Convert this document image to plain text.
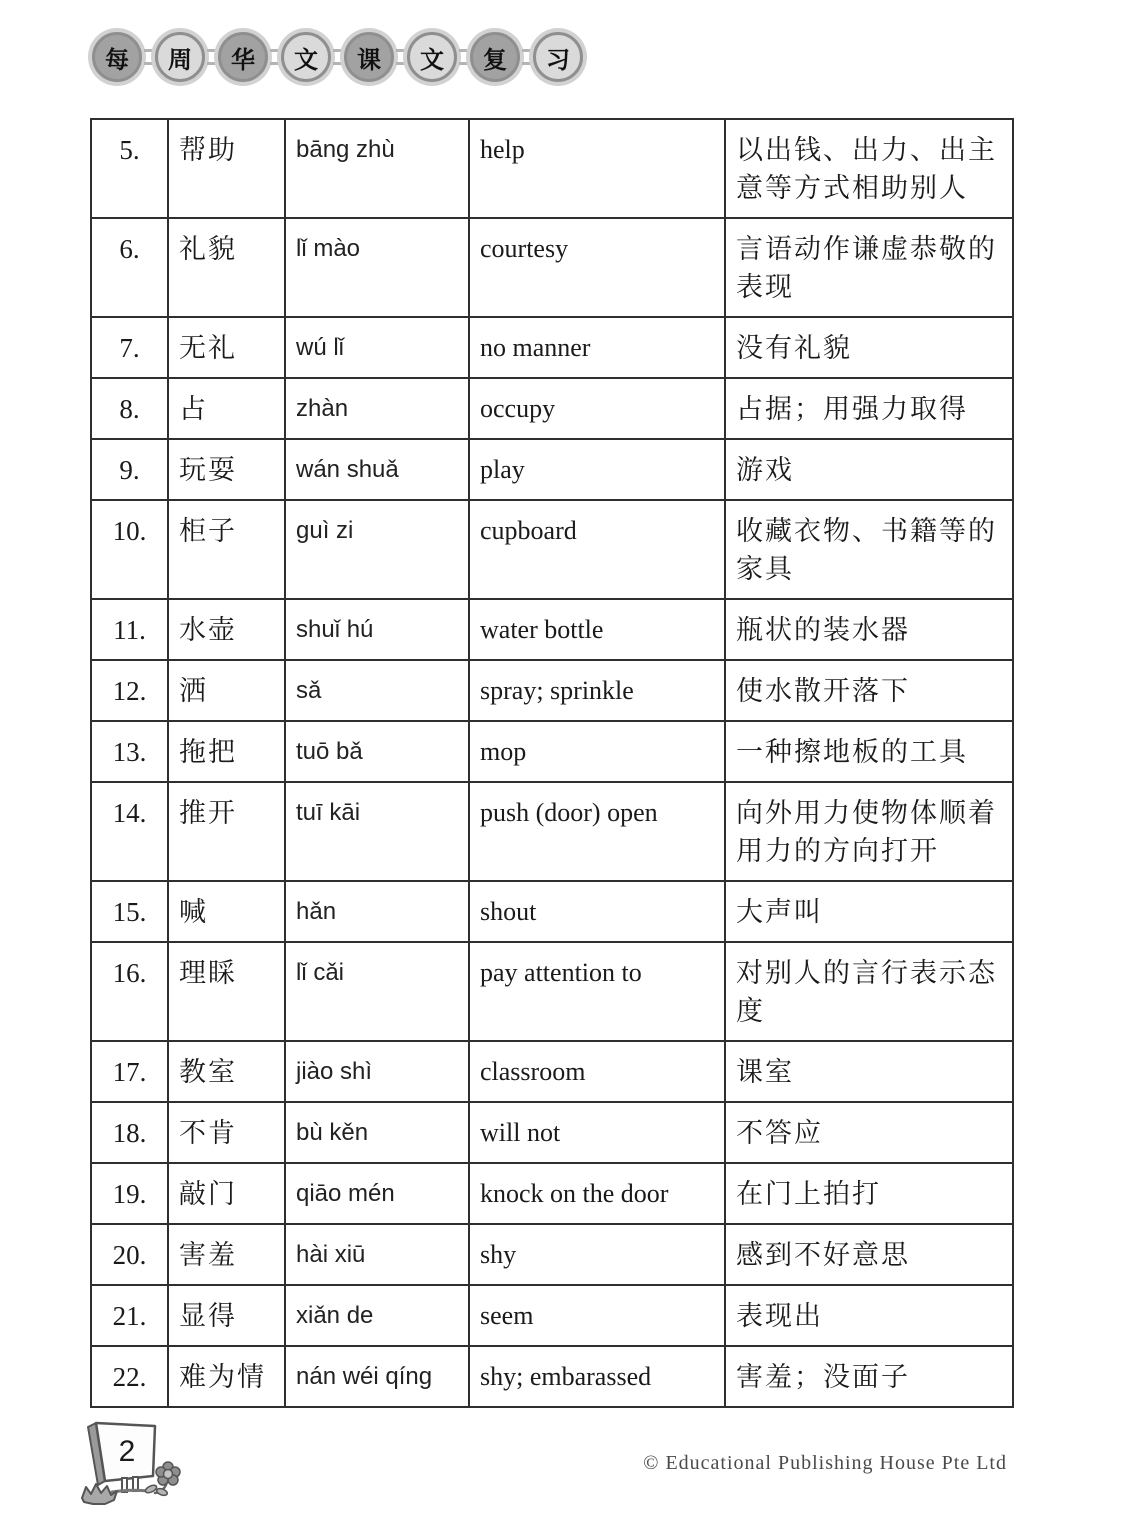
每	周	华	文	课	文	复	习
5.	帮助	bāng zhù	help	以出钱、出力、出主意等方式相助别人
6.	礼貌	lǐ mào	courtesy	言语动作谦虚恭敬的表现
7.	无礼	wú lǐ	no manner	没有礼貌
8.	占	zhàn	occupy	占据；用强力取得
9.	玩耍	wán shuǎ	play	游戏
10.	柜子	guì zi	cupboard	收藏衣物、书籍等的家具
11.	水壶	shuǐ hú	water bottle	瓶状的装水器
12.	洒	sǎ	spray; sprinkle	使水散开落下
13.	拖把	tuō bǎ	mop	一种擦地板的工具
14.	推开	tuī kāi	push (door) open	向外用力使物体顺着用力的方向打开
15.	喊	hǎn	shout	大声叫
16.	理睬	lǐ cǎi	pay attention to	对别人的言行表示态度
17.	教室	jiào shì	classroom	课室
18.	不肯	bù kěn	will not	不答应
19.	敲门	qiāo mén	knock on the door	在门上拍打
20.	害羞	hài xiū	shy	感到不好意思
21.	显得	xiǎn de	seem	表现出
22.	难为情	nán wéi qíng	shy; embarassed	害羞；没面子
2	© Educational Publishing House Pte Ltd
